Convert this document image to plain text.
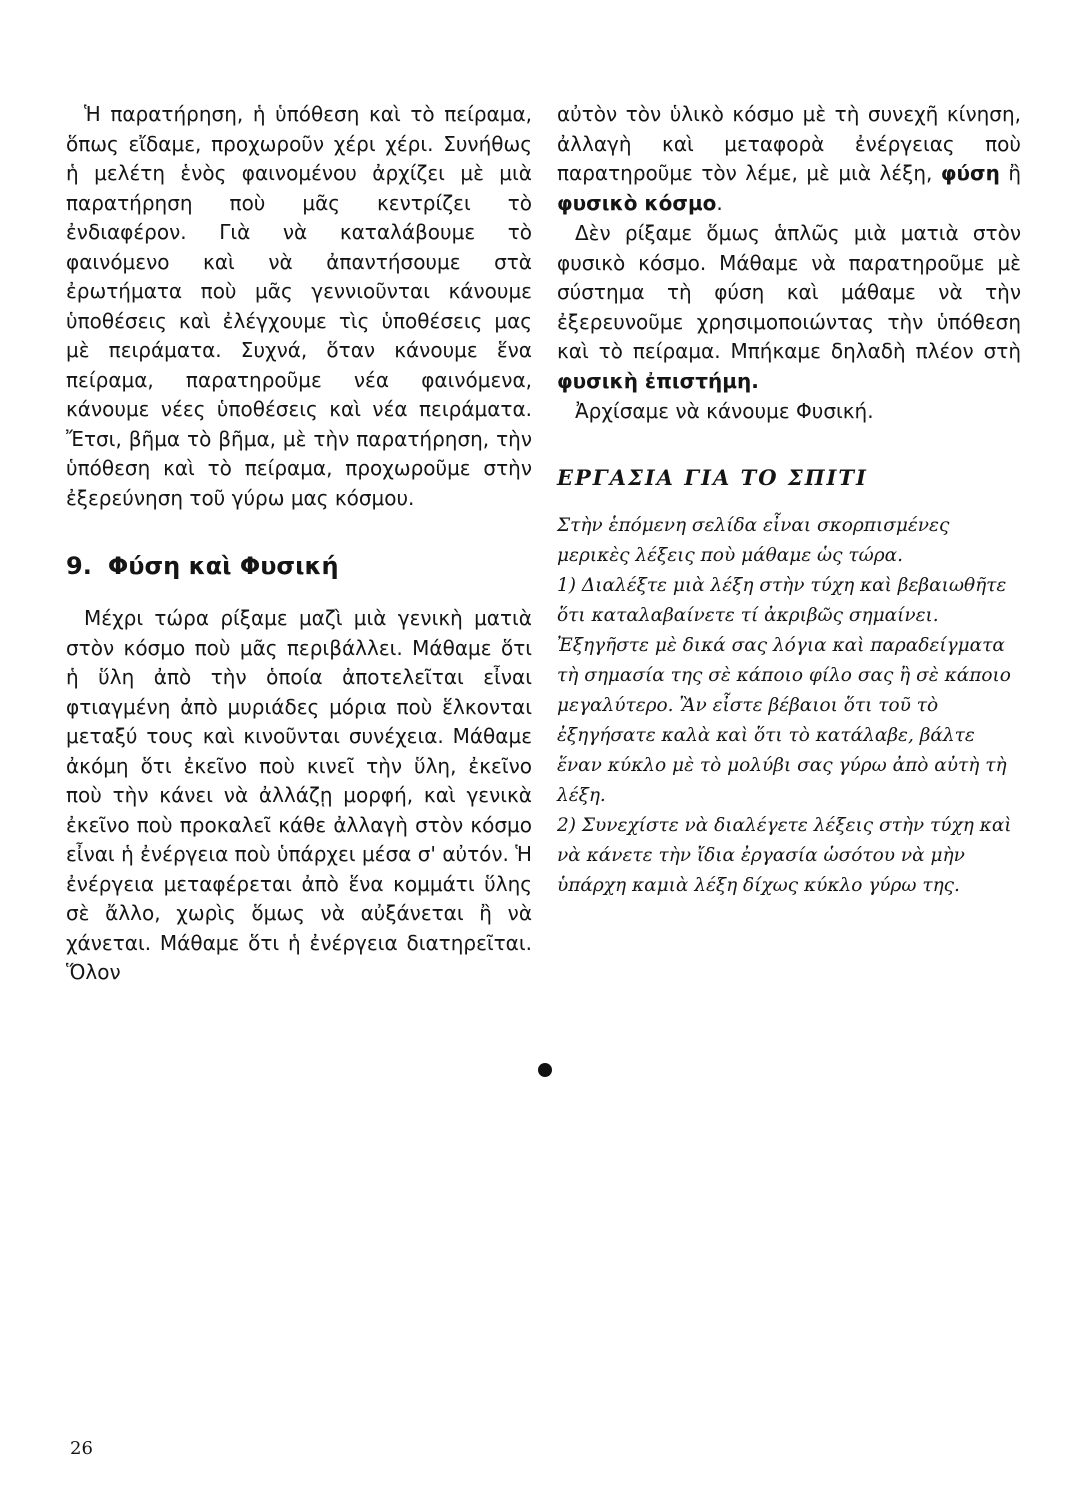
Ἡ παρατήρηση, ἡ ὑπόθεση καὶ τὸ πείραμα, ὅπως εἴδαμε, προχωροῦν χέρι χέρι. Συνήθως ἡ μελέτη ἑνὸς φαινομένου ἀρχίζει μὲ μιὰ παρατήρηση ποὺ μᾶς κεντρίζει τὸ ἐνδιαφέρον. Γιὰ νὰ καταλάβουμε τὸ φαινόμενο καὶ νὰ ἀπαντήσουμε στὰ ἐρωτήματα ποὺ μᾶς γεννιοῦνται κάνουμε ὑποθέσεις καὶ ἐλέγχουμε τὶς ὑποθέσεις μας μὲ πειράματα. Συχνά, ὅταν κάνουμε ἕνα πείραμα, παρατηροῦμε νέα φαινόμενα, κάνουμε νέες ὑποθέσεις καὶ νέα πειράματα. Ἔτσι, βῆμα τὸ βῆμα, μὲ τὴν παρατήρηση, τὴν ὑπόθεση καὶ τὸ πείραμα, προχωροῦμε στὴν ἐξερεύνηση τοῦ γύρω μας κόσμου.

9. Φύση καὶ Φυσική

Μέχρι τώρα ρίξαμε μαζὶ μιὰ γενικὴ ματιὰ στὸν κόσμο ποὺ μᾶς περιβάλλει. Μάθαμε ὅτι ἡ ὕλη ἀπὸ τὴν ὁποία ἀποτελεῖται εἶναι φτιαγμένη ἀπὸ μυριάδες μόρια ποὺ ἕλκονται μεταξύ τους καὶ κινοῦνται συνέχεια. Μάθαμε ἀκόμη ὅτι ἐκεῖνο ποὺ κινεῖ τὴν ὕλη, ἐκεῖνο ποὺ τὴν κάνει νὰ ἀλλάζῃ μορφή, καὶ γενικὰ ἐκεῖνο ποὺ προκαλεῖ κάθε ἀλλαγὴ στὸν κόσμο εἶναι ἡ ἐνέργεια ποὺ ὑπάρχει μέσα σ' αὐτόν. Ἡ ἐνέργεια μεταφέρεται ἀπὸ ἕνα κομμάτι ὕλης σὲ ἄλλο, χωρὶς ὅμως νὰ αὐξάνεται ἢ νὰ χάνεται. Μάθαμε ὅτι ἡ ἐνέργεια διατηρεῖται. Ὅλον

αὐτὸν τὸν ὑλικὸ κόσμο μὲ τὴ συνεχῆ κίνηση, ἀλλαγὴ καὶ μεταφορὰ ἐνέργειας ποὺ παρατηροῦμε τὸν λέμε, μὲ μιὰ λέξη, φύση ἢ φυσικὸ κόσμο.

Δὲν ρίξαμε ὅμως ἁπλῶς μιὰ ματιὰ στὸν φυσικὸ κόσμο. Μάθαμε νὰ παρατηροῦμε μὲ σύστημα τὴ φύση καὶ μάθαμε νὰ τὴν ἐξερευνοῦμε χρησιμοποιώντας τὴν ὑπόθεση καὶ τὸ πείραμα. Μπήκαμε δηλαδὴ πλέον στὴ φυσικὴ ἐπιστήμη.

Ἀρχίσαμε νὰ κάνουμε Φυσική.

ΕΡΓΑΣΙΑ ΓΙΑ ΤΟ ΣΠΙΤΙ

Στὴν ἑπόμενη σελίδα εἶναι σκορπισμένες μερικὲς λέξεις ποὺ μάθαμε ὡς τώρα.

1) Διαλέξτε μιὰ λέξη στὴν τύχη καὶ βεβαιωθῆτε ὅτι καταλαβαίνετε τί ἀκριβῶς σημαίνει. Ἐξηγῆστε μὲ δικά σας λόγια καὶ παραδείγματα τὴ σημασία της σὲ κάποιο φίλο σας ἢ σὲ κάποιο μεγαλύτερο. Ἂν εἶστε βέβαιοι ὅτι τοῦ τὸ ἐξηγήσατε καλὰ καὶ ὅτι τὸ κατάλαβε, βάλτε ἕναν κύκλο μὲ τὸ μολύβι σας γύρω ἀπὸ αὐτὴ τὴ λέξη.

2) Συνεχίστε νὰ διαλέγετε λέξεις στὴν τύχη καὶ νὰ κάνετε τὴν ἴδια ἐργασία ὡσότου νὰ μὴν ὑπάρχη καμιὰ λέξη δίχως κύκλο γύρω της.

26
